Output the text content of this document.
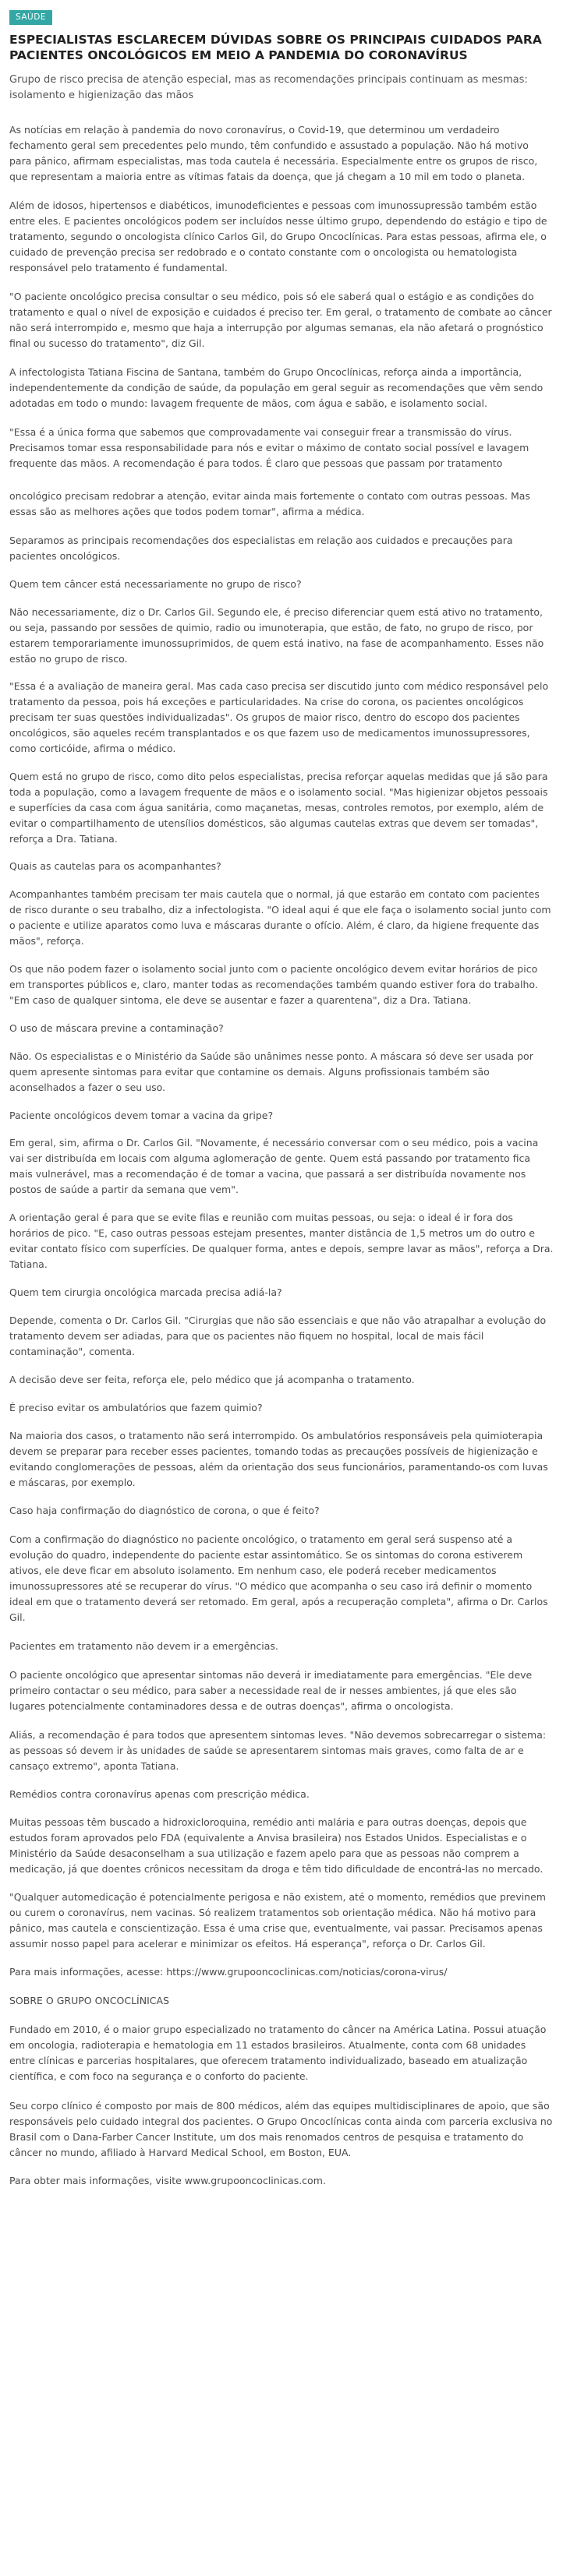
SAÚDE
ESPECIALISTAS ESCLARECEM DÚVIDAS SOBRE OS PRINCIPAIS CUIDADOS PARA PACIENTES ONCOLÓGICOS EM MEIO A PANDEMIA DO CORONAVÍRUS

Grupo de risco precisa de atenção especial, mas as recomendações principais continuam as mesmas: isolamento e higienização das mãos

As notícias em relação à pandemia do novo coronavírus, o Covid-19, que determinou um verdadeiro fechamento geral sem precedentes pelo mundo, têm confundido e assustado a população. Não há motivo para pânico, afirmam especialistas, mas toda cautela é necessária. Especialmente entre os grupos de risco, que representam a maioria entre as vítimas fatais da doença, que já chegam a 10 mil em todo o planeta.

Além de idosos, hipertensos e diabéticos, imunodeficientes e pessoas com imunossupressão também estão entre eles. E pacientes oncológicos podem ser incluídos nesse último grupo, dependendo do estágio e tipo de tratamento, segundo o oncologista clínico Carlos Gil, do Grupo Oncoclínicas. Para estas pessoas, afirma ele, o cuidado de prevenção precisa ser redobrado e o contato constante com o oncologista ou hematologista responsável pelo tratamento é fundamental.

"O paciente oncológico precisa consultar o seu médico, pois só ele saberá qual o estágio e as condições do tratamento e qual o nível de exposição e cuidados é preciso ter. Em geral, o tratamento de combate ao câncer não será interrompido e, mesmo que haja a interrupção por algumas semanas, ela não afetará o prognóstico final ou sucesso do tratamento", diz Gil.

A infectologista Tatiana Fiscina de Santana, também do Grupo Oncoclínicas, reforça ainda a importância, independentemente da condição de saúde, da população em geral seguir as recomendações que vêm sendo adotadas em todo o mundo: lavagem frequente de mãos, com água e sabão, e isolamento social.

"Essa é a única forma que sabemos que comprovadamente vai conseguir frear a transmissão do vírus. Precisamos tomar essa responsabilidade para nós e evitar o máximo de contato social possível e lavagem frequente das mãos. A recomendação é para todos. É claro que pessoas que passam por tratamento

oncológico precisam redobrar a atenção, evitar ainda mais fortemente o contato com outras pessoas. Mas essas são as melhores ações que todos podem tomar", afirma a médica.

Separamos as principais recomendações dos especialistas em relação aos cuidados e precauções para pacientes oncológicos.

Quem tem câncer está necessariamente no grupo de risco?

Não necessariamente, diz o Dr. Carlos Gil. Segundo ele, é preciso diferenciar quem está ativo no tratamento, ou seja, passando por sessões de quimio, radio ou imunoterapia, que estão, de fato, no grupo de risco, por estarem temporariamente imunossuprimidos, de quem está inativo, na fase de acompanhamento. Esses não estão no grupo de risco.

"Essa é a avaliação de maneira geral. Mas cada caso precisa ser discutido junto com médico responsável pelo tratamento da pessoa, pois há exceções e particularidades. Na crise do corona, os pacientes oncológicos precisam ter suas questões individualizadas". Os grupos de maior risco, dentro do escopo dos pacientes oncológicos, são aqueles recém transplantados e os que fazem uso de medicamentos imunossupressores, como corticóide, afirma o médico.

Quem está no grupo de risco, como dito pelos especialistas, precisa reforçar aquelas medidas que já são para toda a população, como a lavagem frequente de mãos e o isolamento social. "Mas higienizar objetos pessoais e superfícies da casa com água sanitária, como maçanetas, mesas, controles remotos, por exemplo, além de evitar o compartilhamento de utensílios domésticos, são algumas cautelas extras que devem ser tomadas", reforça a Dra. Tatiana.

Quais as cautelas para os acompanhantes?

Acompanhantes também precisam ter mais cautela que o normal, já que estarão em contato com pacientes de risco durante o seu trabalho, diz a infectologista. "O ideal aqui é que ele faça o isolamento social junto com o paciente e utilize aparatos como luva e máscaras durante o ofício. Além, é claro, da higiene frequente das mãos", reforça.

Os que não podem fazer o isolamento social junto com o paciente oncológico devem evitar horários de pico em transportes públicos e, claro, manter todas as recomendações também quando estiver fora do trabalho. "Em caso de qualquer sintoma, ele deve se ausentar e fazer a quarentena", diz a Dra. Tatiana.

O uso de máscara previne a contaminação?

Não. Os especialistas e o Ministério da Saúde são unânimes nesse ponto. A máscara só deve ser usada por quem apresente sintomas para evitar que contamine os demais. Alguns profissionais também são aconselhados a fazer o seu uso.

Paciente oncológicos devem tomar a vacina da gripe?

Em geral, sim, afirma o Dr. Carlos Gil. "Novamente, é necessário conversar com o seu médico, pois a vacina vai ser distribuída em locais com alguma aglomeração de gente. Quem está passando por tratamento fica mais vulnerável, mas a recomendação é de tomar a vacina, que passará a ser distribuída novamente nos postos de saúde a partir da semana que vem".

A orientação geral é para que se evite filas e reunião com muitas pessoas, ou seja: o ideal é ir fora dos horários de pico. "E, caso outras pessoas estejam presentes, manter distância de 1,5 metros um do outro e evitar contato físico com superfícies. De qualquer forma, antes e depois, sempre lavar as mãos", reforça a Dra. Tatiana.

Quem tem cirurgia oncológica marcada precisa adiá-la?

Depende, comenta o Dr. Carlos Gil. "Cirurgias que não são essenciais e que não vão atrapalhar a evolução do tratamento devem ser adiadas, para que os pacientes não fiquem no hospital, local de mais fácil contaminação", comenta.

A decisão deve ser feita, reforça ele, pelo médico que já acompanha o tratamento.

É preciso evitar os ambulatórios que fazem quimio?

Na maioria dos casos, o tratamento não será interrompido. Os ambulatórios responsáveis pela quimioterapia devem se preparar para receber esses pacientes, tomando todas as precauções possíveis de higienização e evitando conglomerações de pessoas, além da orientação dos seus funcionários, paramentando-os com luvas e máscaras, por exemplo.

Caso haja confirmação do diagnóstico de corona, o que é feito?

Com a confirmação do diagnóstico no paciente oncológico, o tratamento em geral será suspenso até a evolução do quadro, independente do paciente estar assintomático. Se os sintomas do corona estiverem ativos, ele deve ficar em absoluto isolamento. Em nenhum caso, ele poderá receber medicamentos imunossupressores até se recuperar do vírus. "O médico que acompanha o seu caso irá definir o momento ideal em que o tratamento deverá ser retomado. Em geral, após a recuperação completa", afirma o Dr. Carlos Gil.

Pacientes em tratamento não devem ir a emergências.

O paciente oncológico que apresentar sintomas não deverá ir imediatamente para emergências. "Ele deve primeiro contactar o seu médico, para saber a necessidade real de ir nesses ambientes, já que eles são lugares potencialmente contaminadores dessa e de outras doenças", afirma o oncologista.

Aliás, a recomendação é para todos que apresentem sintomas leves. "Não devemos sobrecarregar o sistema: as pessoas só devem ir às unidades de saúde se apresentarem sintomas mais graves, como falta de ar e cansaço extremo", aponta Tatiana.

Remédios contra coronavírus apenas com prescrição médica.

Muitas pessoas têm buscado a hidroxicloroquina, remédio anti malária e para outras doenças, depois que estudos foram aprovados pelo FDA (equivalente a Anvisa brasileira) nos Estados Unidos. Especialistas e o Ministério da Saúde desaconselham a sua utilização e fazem apelo para que as pessoas não comprem a medicação, já que doentes crônicos necessitam da droga e têm tido dificuldade de encontrá-las no mercado.

"Qualquer automedicação é potencialmente perigosa e não existem, até o momento, remédios que previnem ou curem o coronavírus, nem vacinas. Só realizem tratamentos sob orientação médica. Não há motivo para pânico, mas cautela e conscientização. Essa é uma crise que, eventualmente, vai passar. Precisamos apenas assumir nosso papel para acelerar e minimizar os efeitos. Há esperança", reforça o Dr. Carlos Gil.

Para mais informações, acesse: https://www.grupooncoclinicas.com/noticias/corona-virus/

SOBRE O GRUPO ONCOCLÍNICAS

Fundado em 2010, é o maior grupo especializado no tratamento do câncer na América Latina. Possui atuação em oncologia, radioterapia e hematologia em 11 estados brasileiros. Atualmente, conta com 68 unidades entre clínicas e parcerias hospitalares, que oferecem tratamento individualizado, baseado em atualização científica, e com foco na segurança e o conforto do paciente.

Seu corpo clínico é composto por mais de 800 médicos, além das equipes multidisciplinares de apoio, que são responsáveis pelo cuidado integral dos pacientes. O Grupo Oncoclínicas conta ainda com parceria exclusiva no Brasil com o Dana-Farber Cancer Institute, um dos mais renomados centros de pesquisa e tratamento do câncer no mundo, afiliado à Harvard Medical School, em Boston, EUA.

Para obter mais informações, visite www.grupooncoclinicas.com.
